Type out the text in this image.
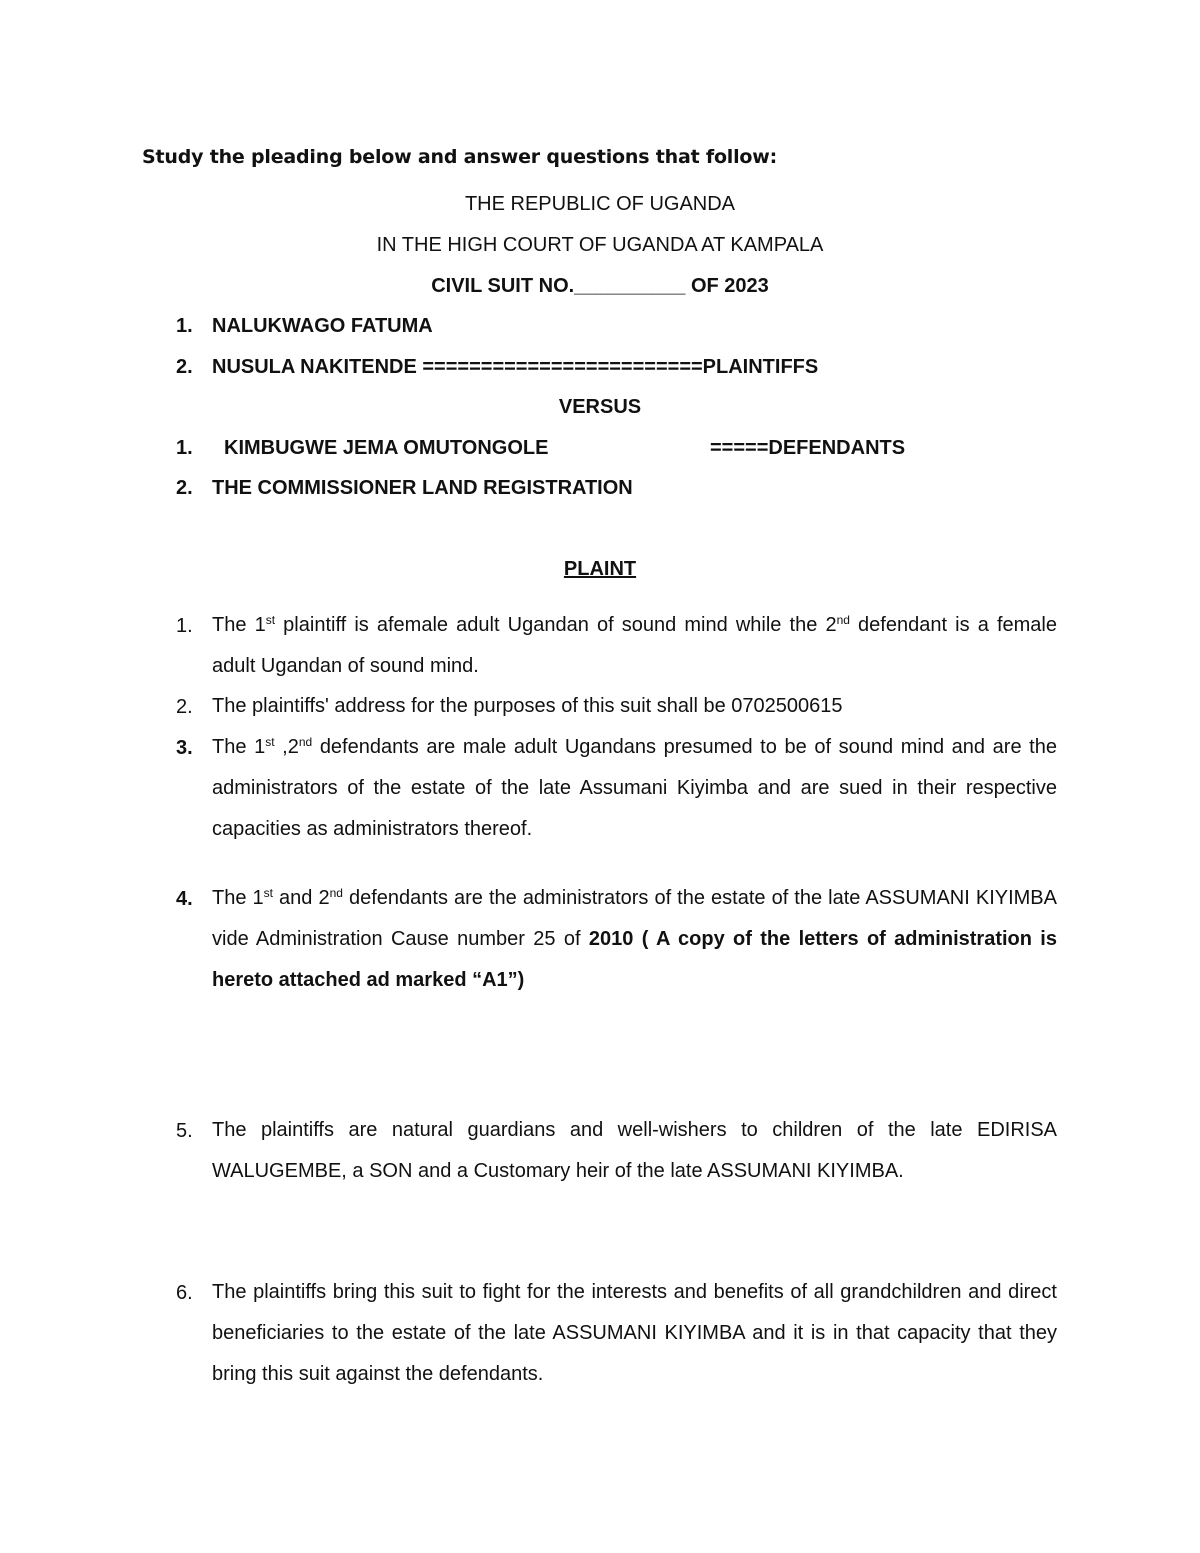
Study the pleading below and answer questions that follow:
THE REPUBLIC OF UGANDA
IN THE HIGH COURT OF UGANDA AT KAMPALA
CIVIL SUIT NO.__________ OF 2023
1. NALUKWAGO FATUMA
2. NUSULA NAKITENDE ========================PLAINTIFFS
VERSUS
1. KIMBUGWE JEMA OMUTONGOLE	=====DEFENDANTS
2. THE COMMISSIONER LAND REGISTRATION
PLAINT
1. The 1st plaintiff is afemale adult Ugandan of sound mind while the 2nd defendant is a female adult Ugandan of sound mind.
2. The plaintiffs' address for the purposes of this suit shall be 0702500615
3. The 1st ,2nd defendants are male adult Ugandans presumed to be of sound mind and are the administrators of the estate of the late Assumani Kiyimba and are sued in their respective capacities as administrators thereof.
4. The 1st and 2nd defendants are the administrators of the estate of the late ASSUMANI KIYIMBA vide Administration Cause number 25 of 2010 ( A copy of the letters of administration is hereto attached ad marked “A1”)
5. The plaintiffs are natural guardians and well-wishers to children of the late EDIRISA WALUGEMBE, a SON and a Customary heir of the late ASSUMANI KIYIMBA.
6. The plaintiffs bring this suit to fight for the interests and benefits of all grandchildren and direct beneficiaries to the estate of the late ASSUMANI KIYIMBA and it is in that capacity that they bring this suit against the defendants.
